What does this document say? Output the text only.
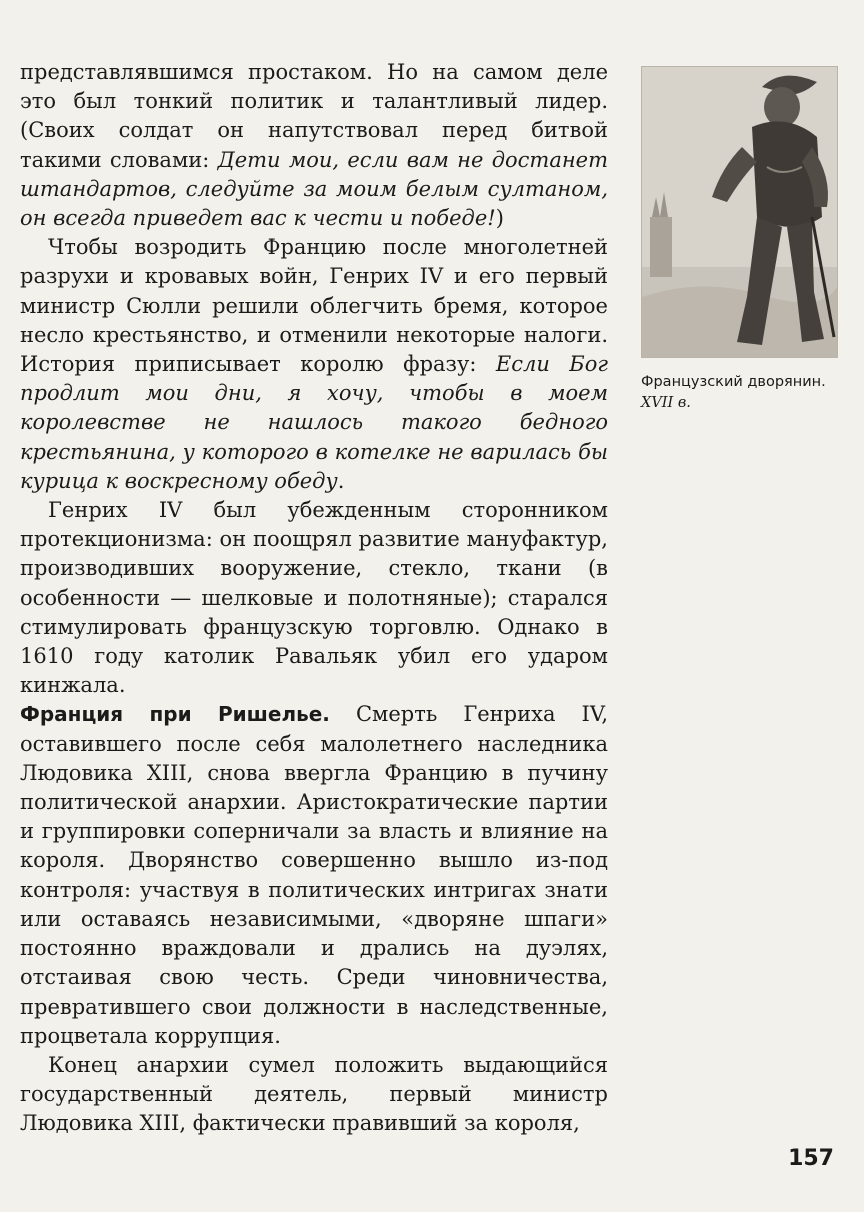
представлявшимся простаком. Но на самом деле это был тонкий политик и талантливый лидер. (Своих солдат он напутствовал перед битвой такими словами: Дети мои, если вам не достанет штандартов, следуйте за моим белым султаном, он всегда приведет вас к чести и победе!)

Чтобы возродить Францию после многолетней разрухи и кровавых войн, Генрих IV и его первый министр Сюлли решили облегчить бремя, которое несло крестьянство, и отменили некоторые налоги. История приписывает королю фразу: Если Бог продлит мои дни, я хочу, чтобы в моем королевстве не нашлось такого бедного крестьянина, у которого в котелке не варилась бы курица к воскресному обеду.

Генрих IV был убежденным сторонником протекционизма: он поощрял развитие мануфактур, производивших вооружение, стекло, ткани (в особенности — шелковые и полотняные); старался стимулировать французскую торговлю. Однако в 1610 году католик Равальяк убил его ударом кинжала.

Франция при Ришелье. Смерть Генриха IV, оставившего после себя малолетнего наследника Людовика XIII, снова ввергла Францию в пучину политической анархии. Аристократические партии и группировки соперничали за власть и влияние на короля. Дворянство совершенно вышло из-под контроля: участвуя в политических интригах знати или оставаясь независимыми, «дворяне шпаги» постоянно враждовали и дрались на дуэлях, отстаивая свою честь. Среди чиновничества, превратившего свои должности в наследственные, процветала коррупция.

Конец анархии сумел положить выдающийся государственный деятель, первый министр Людовика XIII, фактически правивший за короля,

Французский дворянин. XVII в.
157
